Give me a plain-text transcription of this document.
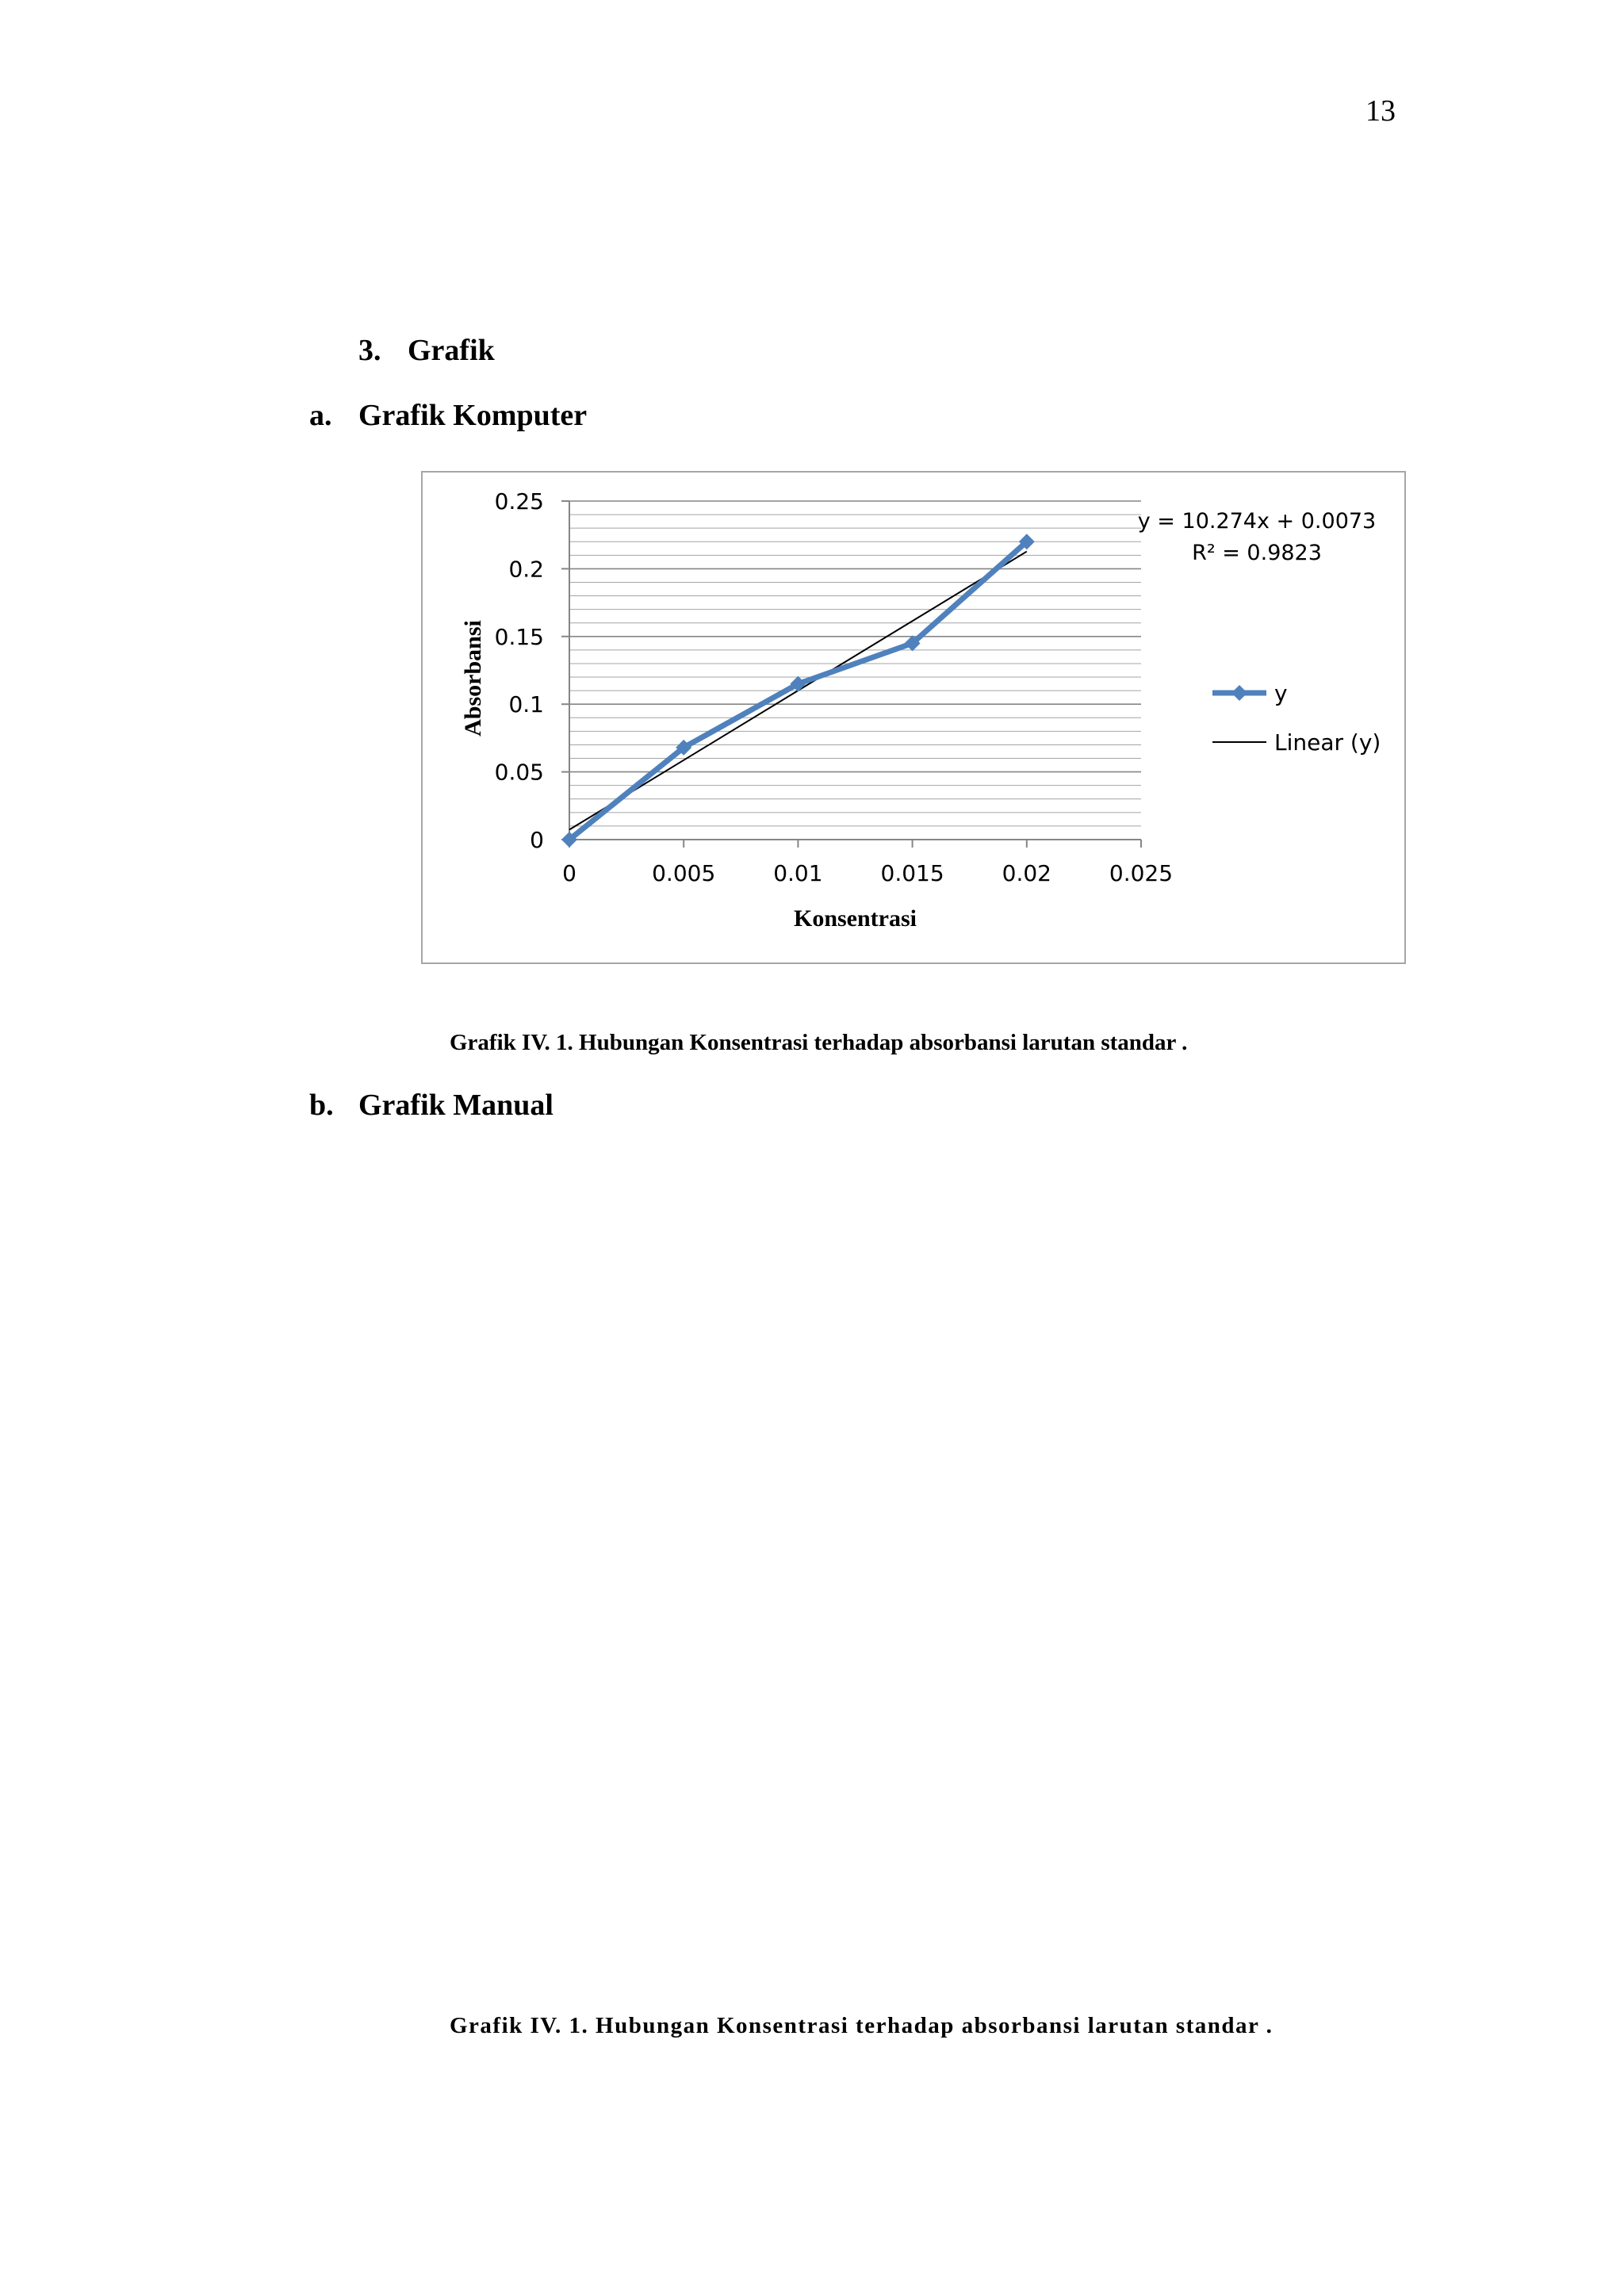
13
3. Grafik
a. Grafik Komputer
0
0.05
0.1
0.15
0.2
0.25
0	0.005	0.01	0.015	0.02	0.025
Konsentrasi
Absorbansi
y = 10.274x + 0.0073
R² = 0.9823
y
Linear (y)
Grafik IV. 1. Hubungan Konsentrasi terhadap absorbansi larutan standar .
b. Grafik Manual
Grafik IV. 1. Hubungan Konsentrasi terhadap absorbansi larutan standar .
